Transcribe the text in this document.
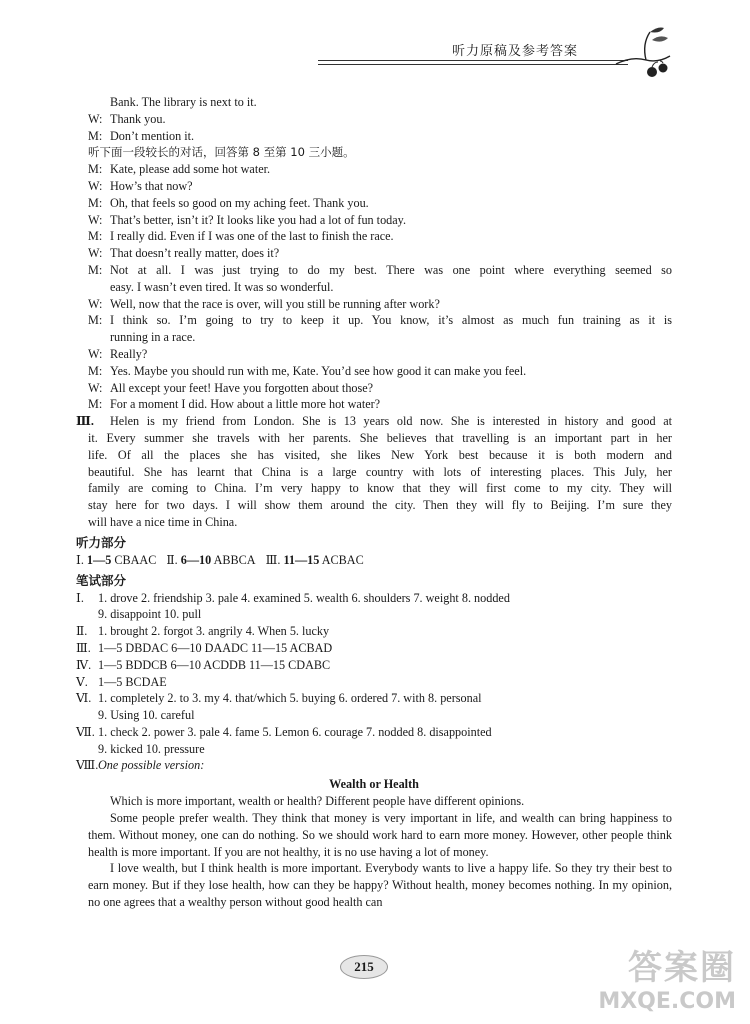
听力原稿及参考答案
Bank. The library is next to it.
W: Thank you.
M: Don’t mention it.
听下面一段较长的对话，回答第 8 至第 10 三小题。
M: Kate, please add some hot water.
W: How’s that now?
M: Oh, that feels so good on my aching feet. Thank you.
W: That’s better, isn’t it? It looks like you had a lot of fun today.
M: I really did. Even if I was one of the last to finish the race.
W: That doesn’t really matter, does it?
M: Not at all. I was just trying to do my best. There was one point where everything seemed so
easy. I wasn’t even tired. It was so wonderful.
W: Well, now that the race is over, will you still be running after work?
M: I think so. I’m going to try to keep it up. You know, it’s almost as much fun training as it is
running in a race.
W: Really?
M: Yes. Maybe you should run with me, Kate. You’d see how good it can make you feel.
W: All except your feet! Have you forgotten about those?
M: For a moment I did. How about a little more hot water?
Ⅲ.	Helen is my friend from London. She is 13 years old now. She is interested in history and good at
it. Every summer she travels with her parents. She believes that travelling is an important part in her
life. Of all the places she has visited, she likes New York best because it is both modern and
beautiful. She has learnt that China is a large country with lots of interesting places. This July, her
family are coming to China. I’m very happy to know that they will first come to my city. They will
stay here for two days. I will show them around the city. Then they will fly to Beijing. I’m sure they
will have a nice time in China.
听力部分
Ⅰ. 1—5 CBAAC Ⅱ. 6—10 ABBCA Ⅲ. 11—15 ACBAC
笔试部分
Ⅰ.	1. drove 2. friendship 3. pale 4. examined 5. wealth 6. shoulders 7. weight 8. nodded
9. disappoint 10. pull
Ⅱ. 1. brought 2. forgot 3. angrily 4. When 5. lucky
Ⅲ. 1—5 DBDAC 6—10 DAADC 11—15 ACBAD
Ⅳ. 1—5 BDDCB 6—10 ACDDB 11—15 CDABC
Ⅴ. 1—5 BCDAE
Ⅵ. 1. completely 2. to 3. my 4. that/which 5. buying 6. ordered 7. with 8. personal
9. Using 10. careful
Ⅶ. 1. check 2. power 3. pale 4. fame 5. Lemon 6. courage 7. nodded 8. disappointed
9. kicked 10. pressure
Ⅷ. One possible version:
Wealth or Health

Which is more important, wealth or health? Different people have different opinions.

Some people prefer wealth. They think that money is very important in life, and wealth can bring happiness to them. Without money, one can do nothing. So we should work hard to earn more money. However, other people think health is more important. If you are not healthy, it is no use having a lot of money.

I love wealth, but I think health is more important. Everybody wants to live a happy life. So they try their best to earn money. But if they lose health, how can they be happy? Without health, money becomes nothing. In my opinion, no one agrees that a wealthy person without good health can

215	答案圈
MXQE.COM
